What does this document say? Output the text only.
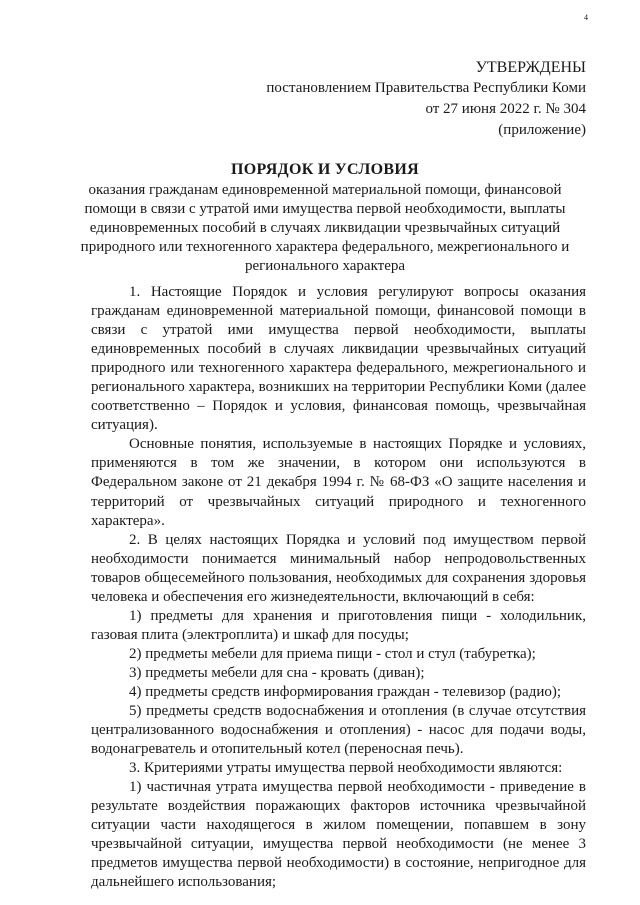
4
УТВЕРЖДЕНЫ
постановлением Правительства Республики Коми
от 27 июня 2022 г. № 304
(приложение)
ПОРЯДОК И УСЛОВИЯ
оказания гражданам единовременной материальной помощи, финансовой
помощи в связи с утратой ими имущества первой необходимости, выплаты
единовременных пособий в случаях ликвидации чрезвычайных ситуаций
природного или техногенного характера федерального, межрегионального и
регионального характера

1. Настоящие Порядок и условия регулируют вопросы оказания гражданам единовременной материальной помощи, финансовой помощи в связи с утратой ими имущества первой необходимости, выплаты единовременных пособий в случаях ликвидации чрезвычайных ситуаций природного или техногенного характера федерального, межрегионального и регионального характера, возникших на территории Республики Коми (далее соответственно – Порядок и условия, финансовая помощь, чрезвычайная ситуация).

Основные понятия, используемые в настоящих Порядке и условиях, применяются в том же значении, в котором они используются в Федеральном законе от 21 декабря 1994 г. № 68-ФЗ «О защите населения и территорий от чрезвычайных ситуаций природного и техногенного характера».

2. В целях настоящих Порядка и условий под имуществом первой необходимости понимается минимальный набор непродовольственных товаров общесемейного пользования, необходимых для сохранения здоровья человека и обеспечения его жизнедеятельности, включающий в себя:

1) предметы для хранения и приготовления пищи - холодильник, газовая плита (электроплита) и шкаф для посуды;

2) предметы мебели для приема пищи - стол и стул (табуретка);

3) предметы мебели для сна - кровать (диван);

4) предметы средств информирования граждан - телевизор (радио);

5) предметы средств водоснабжения и отопления (в случае отсутствия централизованного водоснабжения и отопления) - насос для подачи воды, водонагреватель и отопительный котел (переносная печь).

3. Критериями утраты имущества первой необходимости являются:

1) частичная утрата имущества первой необходимости - приведение в результате воздействия поражающих факторов источника чрезвычайной ситуации части находящегося в жилом помещении, попавшем в зону чрезвычайной ситуации, имущества первой необходимости (не менее 3 предметов имущества первой необходимости) в состояние, непригодное для дальнейшего использования;
